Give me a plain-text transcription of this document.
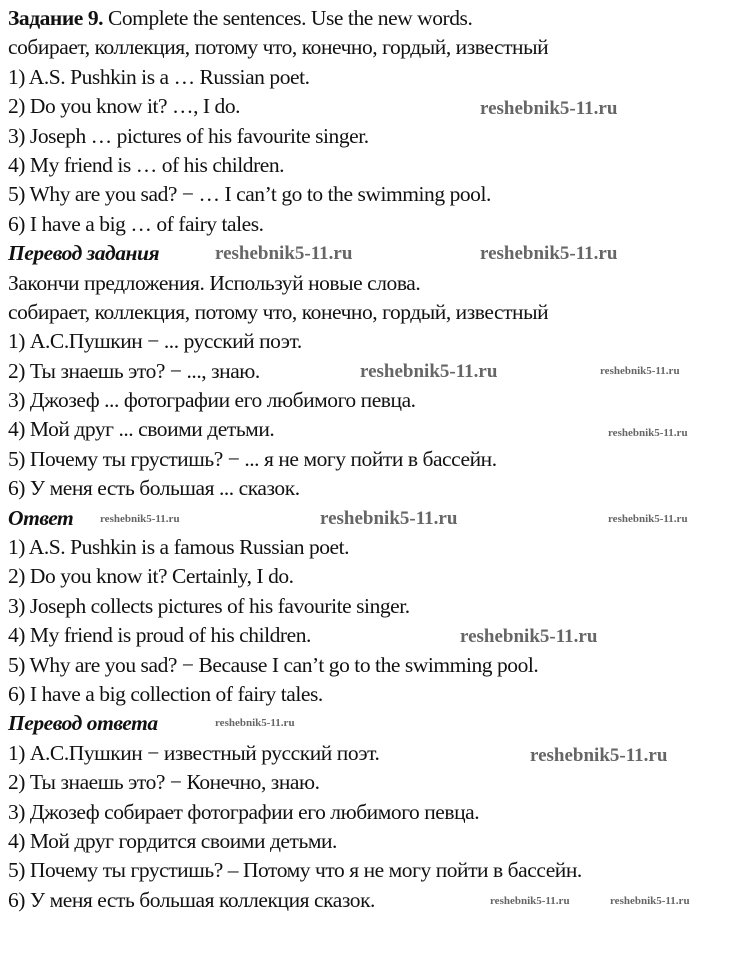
Задание 9. Complete the sentences. Use the new words.
собирает, коллекция, потому что, конечно, гордый, известный
1) A.S. Pushkin is a … Russian poet.
2) Do you know it? …, I do.
3) Joseph … pictures of his favourite singer.
4) My friend is … of his children.
5) Why are you sad? − … I can’t go to the swimming pool.
6) I have a big … of fairy tales.
Перевод задания
Закончи предложения. Используй новые слова.
собирает, коллекция, потому что, конечно, гордый, известный
1) А.С.Пушкин − ... русский поэт.
2) Ты знаешь это? − ..., знаю.
3) Джозеф ... фотографии его любимого певца.
4) Мой друг ... своими детьми.
5) Почему ты грустишь? − ... я не могу пойти в бассейн.
6) У меня есть большая ... сказок.
Ответ
1) A.S. Pushkin is a famous Russian poet.
2) Do you know it? Certainly, I do.
3) Joseph collects pictures of his favourite singer.
4) My friend is proud of his children.
5) Why are you sad? − Because I can’t go to the swimming pool.
6) I have a big collection of fairy tales.
Перевод ответа
1) А.С.Пушкин − известный русский поэт.
2) Ты знаешь это? − Конечно, знаю.
3) Джозеф собирает фотографии его любимого певца.
4) Мой друг гордится своими детьми.
5) Почему ты грустишь? – Потому что я не могу пойти в бассейн.
6) У меня есть большая коллекция сказок.
reshebnik5-11.ru
reshebnik5-11.ru	reshebnik5-11.ru
reshebnik5-11.ru	reshebnik5-11.ru
reshebnik5-11.ru
reshebnik5-11.ru	reshebnik5-11.ru
reshebnik5-11.ru
reshebnik5-11.ru
reshebnik5-11.ru
reshebnik5-11.ru
reshebnik5-11.ru	reshebnik5-11.ru
